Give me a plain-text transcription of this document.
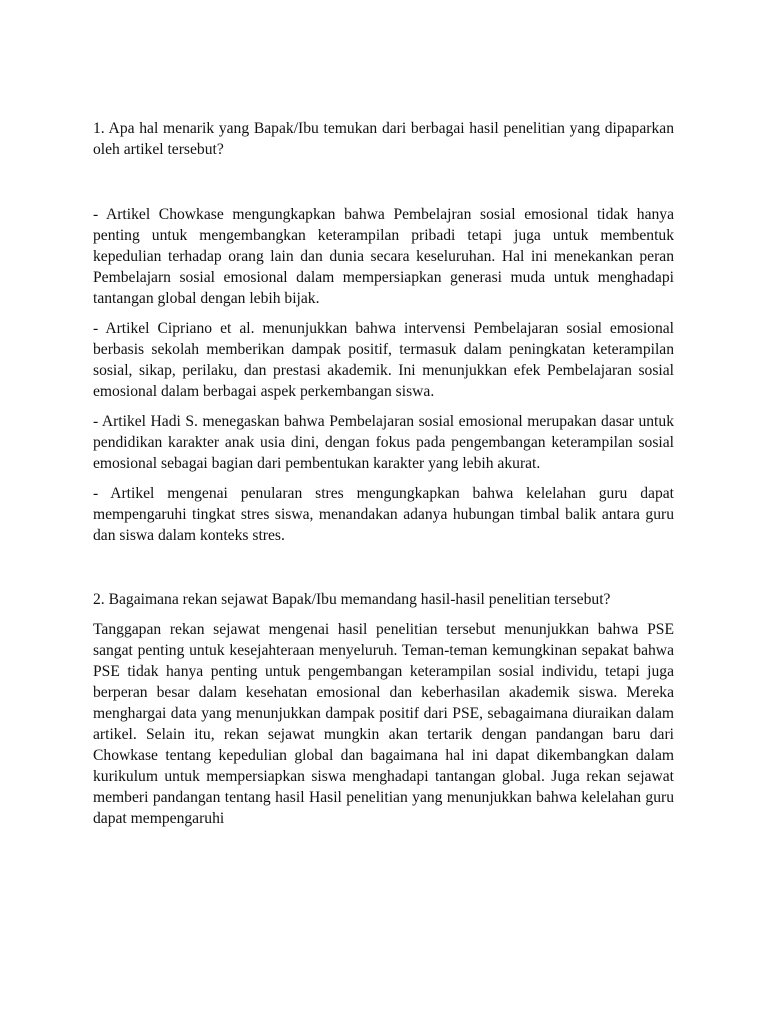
1. Apa hal menarik yang Bapak/Ibu temukan dari berbagai hasil penelitian yang dipaparkan oleh artikel tersebut?

- Artikel Chowkase mengungkapkan bahwa Pembelajran sosial emosional tidak hanya penting untuk mengembangkan keterampilan pribadi tetapi juga untuk membentuk kepedulian terhadap orang lain dan dunia secara keseluruhan. Hal ini menekankan peran Pembelajarn sosial emosional dalam mempersiapkan generasi muda untuk menghadapi tantangan global dengan lebih bijak.

- Artikel Cipriano et al. menunjukkan bahwa intervensi Pembelajaran sosial emosional berbasis sekolah memberikan dampak positif, termasuk dalam peningkatan keterampilan sosial, sikap, perilaku, dan prestasi akademik. Ini menunjukkan efek Pembelajaran sosial emosional dalam berbagai aspek perkembangan siswa.

- Artikel Hadi S. menegaskan bahwa Pembelajaran sosial emosional merupakan dasar untuk pendidikan karakter anak usia dini, dengan fokus pada pengembangan keterampilan sosial emosional sebagai bagian dari pembentukan karakter yang lebih akurat.

- Artikel mengenai penularan stres mengungkapkan bahwa kelelahan guru dapat mempengaruhi tingkat stres siswa, menandakan adanya hubungan timbal balik antara guru dan siswa dalam konteks stres.

2. Bagaimana rekan sejawat Bapak/Ibu memandang hasil-hasil penelitian tersebut?

Tanggapan rekan sejawat mengenai hasil penelitian tersebut menunjukkan bahwa PSE sangat penting untuk kesejahteraan menyeluruh. Teman-teman kemungkinan sepakat bahwa PSE tidak hanya penting untuk pengembangan keterampilan sosial individu, tetapi juga berperan besar dalam kesehatan emosional dan keberhasilan akademik siswa. Mereka menghargai data yang menunjukkan dampak positif dari PSE, sebagaimana diuraikan dalam artikel. Selain itu, rekan sejawat mungkin akan tertarik dengan pandangan baru dari Chowkase tentang kepedulian global dan bagaimana hal ini dapat dikembangkan dalam kurikulum untuk mempersiapkan siswa menghadapi tantangan global. Juga rekan sejawat memberi pandangan tentang hasil Hasil penelitian yang menunjukkan bahwa kelelahan guru dapat mempengaruhi
